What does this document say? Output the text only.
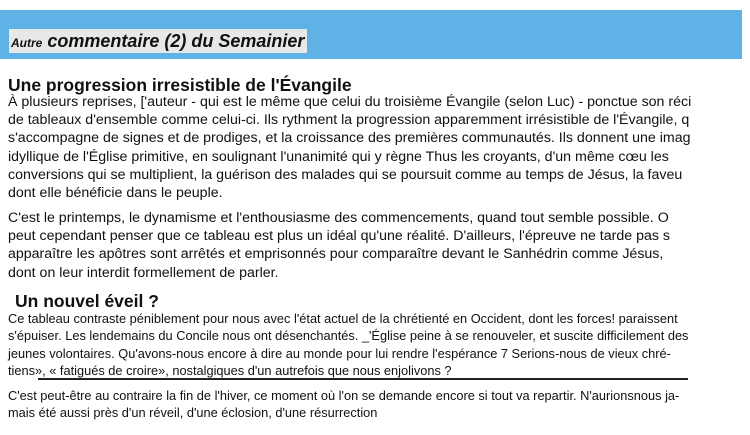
Autre commentaire (2) du Semainier
Une progression irresistible de l'Évangile

À plusieurs reprises, ['auteur - qui est le même que celui du troisième Évangile (selon Luc) - ponctue son réci
de tableaux d'ensemble comme celui-ci. Ils rythment la progression apparemment irrésistible de l'Évangile, q
s'accompagne de signes et de prodiges, et la croissance des premières communautés. Ils donnent une imag
idyllique de l'Église primitive, en soulignant l'unanimité qui y règne Thus les croyants, d'un même cœu les
conversions qui se multiplient, la guérison des malades qui se poursuit comme au temps de Jésus, la faveu
dont elle bénéficie dans le peuple.

C'est le printemps, le dynamisme et l'enthousiasme des commencements, quand tout semble possible. O
peut cependant penser que ce tableau est plus un idéal qu'une réalité. D'ailleurs, l'épreuve ne tarde pas s
apparaître les apôtres sont arrêtés et emprisonnés pour comparaître devant le Sanhédrin comme Jésus,
dont on leur interdit formellement de parler.

Un nouvel éveil ?

Ce tableau contraste péniblement pour nous avec l'état actuel de la chrétienté en Occident, dont les forces! paraissent
s'épuiser. Les lendemains du Concile nous ont désenchantés. _'Église peine à se renouveler, et suscite difficilement des
jeunes volontaires. Qu'avons-nous encore à dire au monde pour lui rendre l'espérance 7 Serions-nous de vieux chré-
tiens», « fatigués de croire», nostalgiques d'un autrefois que nous enjolivons ?

C'est peut-être au contraire la fin de l'hiver, ce moment où l'on se demande encore si tout va repartir. N'aurionsnous ja-
mais été aussi près d'un réveil, d'une éclosion, d'une résurrection
